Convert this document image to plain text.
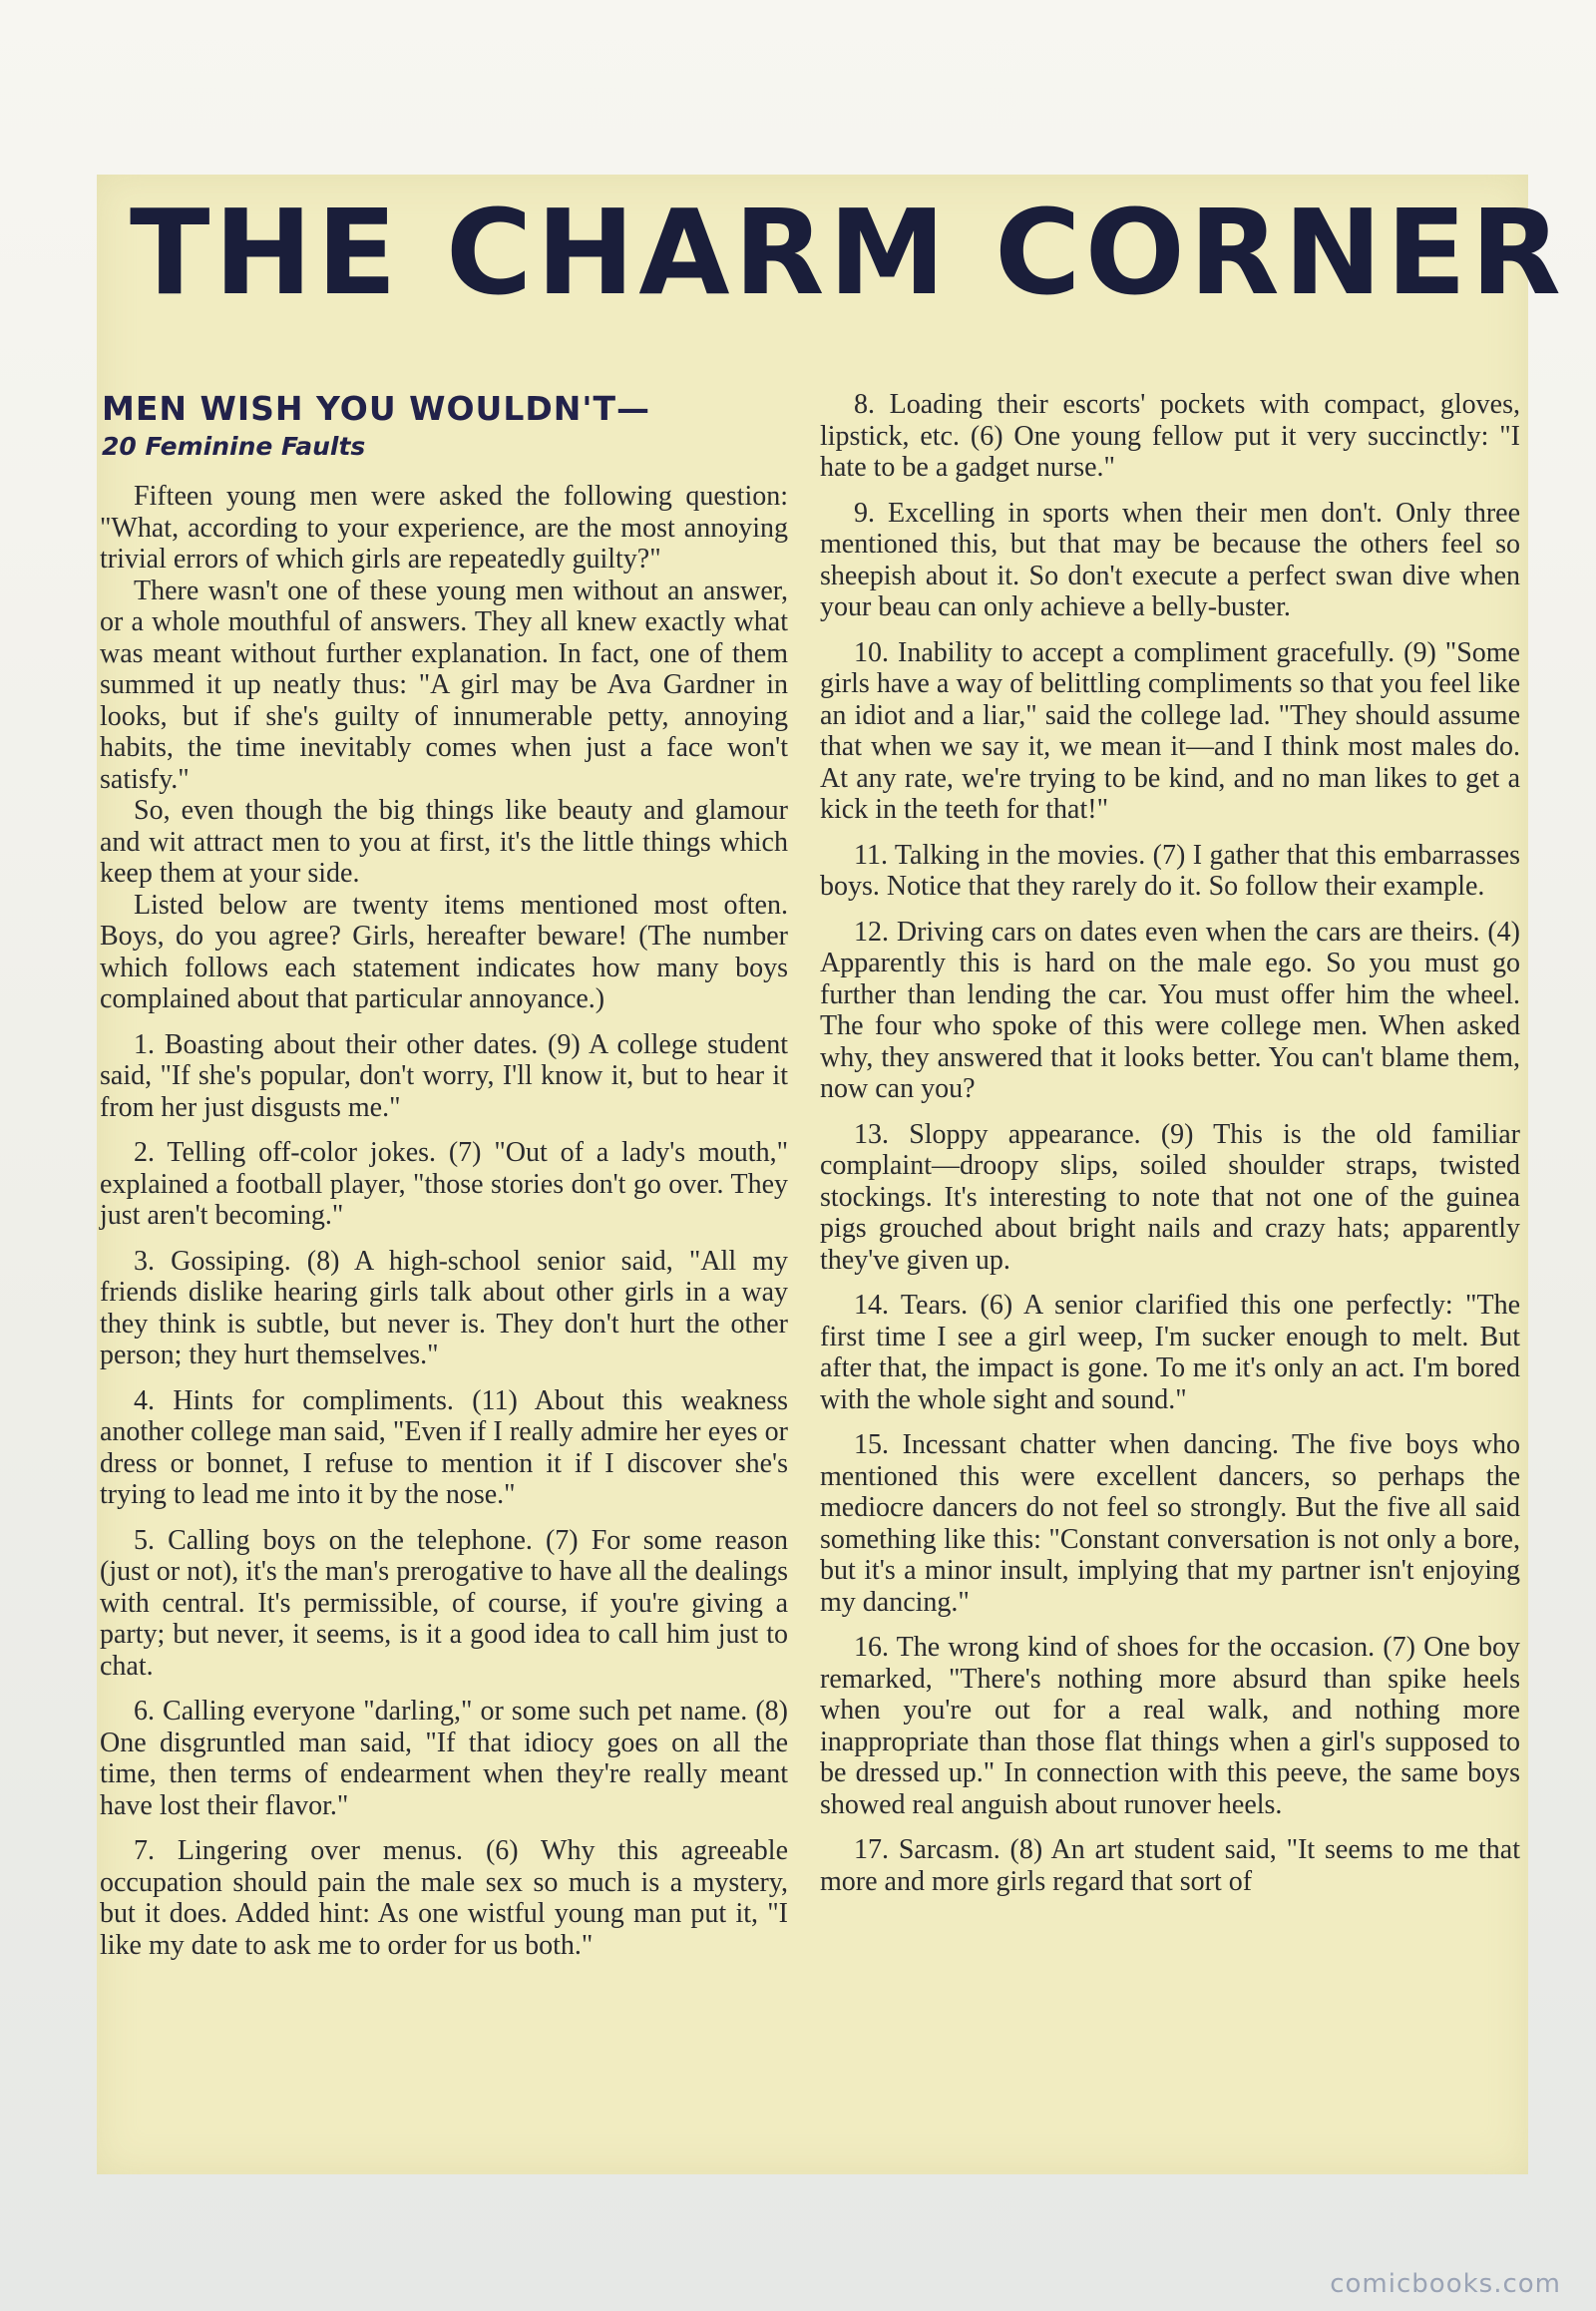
THE CHARM CORNER
MEN WISH YOU WOULDN'T—
20 Feminine Faults

Fifteen young men were asked the following question: "What, according to your experience, are the most annoying trivial errors of which girls are repeatedly guilty?"

There wasn't one of these young men without an answer, or a whole mouthful of answers. They all knew exactly what was meant without further explanation. In fact, one of them summed it up neatly thus: "A girl may be Ava Gardner in looks, but if she's guilty of innumerable petty, annoying habits, the time inevitably comes when just a face won't satisfy."

So, even though the big things like beauty and glamour and wit attract men to you at first, it's the little things which keep them at your side.

Listed below are twenty items mentioned most often. Boys, do you agree? Girls, hereafter beware! (The number which follows each statement indicates how many boys complained about that particular annoyance.)

1. Boasting about their other dates. (9) A college student said, "If she's popular, don't worry, I'll know it, but to hear it from her just disgusts me."

2. Telling off-color jokes. (7) "Out of a lady's mouth," explained a football player, "those stories don't go over. They just aren't becoming."

3. Gossiping. (8) A high-school senior said, "All my friends dislike hearing girls talk about other girls in a way they think is subtle, but never is. They don't hurt the other person; they hurt themselves."

4. Hints for compliments. (11) About this weakness another college man said, "Even if I really admire her eyes or dress or bonnet, I refuse to mention it if I discover she's trying to lead me into it by the nose."

5. Calling boys on the telephone. (7) For some reason (just or not), it's the man's prerogative to have all the dealings with central. It's permissible, of course, if you're giving a party; but never, it seems, is it a good idea to call him just to chat.

6. Calling everyone "darling," or some such pet name. (8) One disgruntled man said, "If that idiocy goes on all the time, then terms of endearment when they're really meant have lost their flavor."

7. Lingering over menus. (6) Why this agreeable occupation should pain the male sex so much is a mystery, but it does. Added hint: As one wistful young man put it, "I like my date to ask me to order for us both."

8. Loading their escorts' pockets with compact, gloves, lipstick, etc. (6) One young fellow put it very succinctly: "I hate to be a gadget nurse."

9. Excelling in sports when their men don't. Only three mentioned this, but that may be because the others feel so sheepish about it. So don't execute a perfect swan dive when your beau can only achieve a belly-buster.

10. Inability to accept a compliment gracefully. (9) "Some girls have a way of belittling compliments so that you feel like an idiot and a liar," said the college lad. "They should assume that when we say it, we mean it—and I think most males do. At any rate, we're trying to be kind, and no man likes to get a kick in the teeth for that!"

11. Talking in the movies. (7) I gather that this embarrasses boys. Notice that they rarely do it. So follow their example.

12. Driving cars on dates even when the cars are theirs. (4) Apparently this is hard on the male ego. So you must go further than lending the car. You must offer him the wheel. The four who spoke of this were college men. When asked why, they answered that it looks better. You can't blame them, now can you?

13. Sloppy appearance. (9) This is the old familiar complaint—droopy slips, soiled shoulder straps, twisted stockings. It's interesting to note that not one of the guinea pigs grouched about bright nails and crazy hats; apparently they've given up.

14. Tears. (6) A senior clarified this one perfectly: "The first time I see a girl weep, I'm sucker enough to melt. But after that, the impact is gone. To me it's only an act. I'm bored with the whole sight and sound."

15. Incessant chatter when dancing. The five boys who mentioned this were excellent dancers, so perhaps the mediocre dancers do not feel so strongly. But the five all said something like this: "Constant conversation is not only a bore, but it's a minor insult, implying that my partner isn't enjoying my dancing."

16. The wrong kind of shoes for the occasion. (7) One boy remarked, "There's nothing more absurd than spike heels when you're out for a real walk, and nothing more inappropriate than those flat things when a girl's supposed to be dressed up." In connection with this peeve, the same boys showed real anguish about runover heels.

17. Sarcasm. (8) An art student said, "It seems to me that more and more girls regard that sort of

comicbooks.com
